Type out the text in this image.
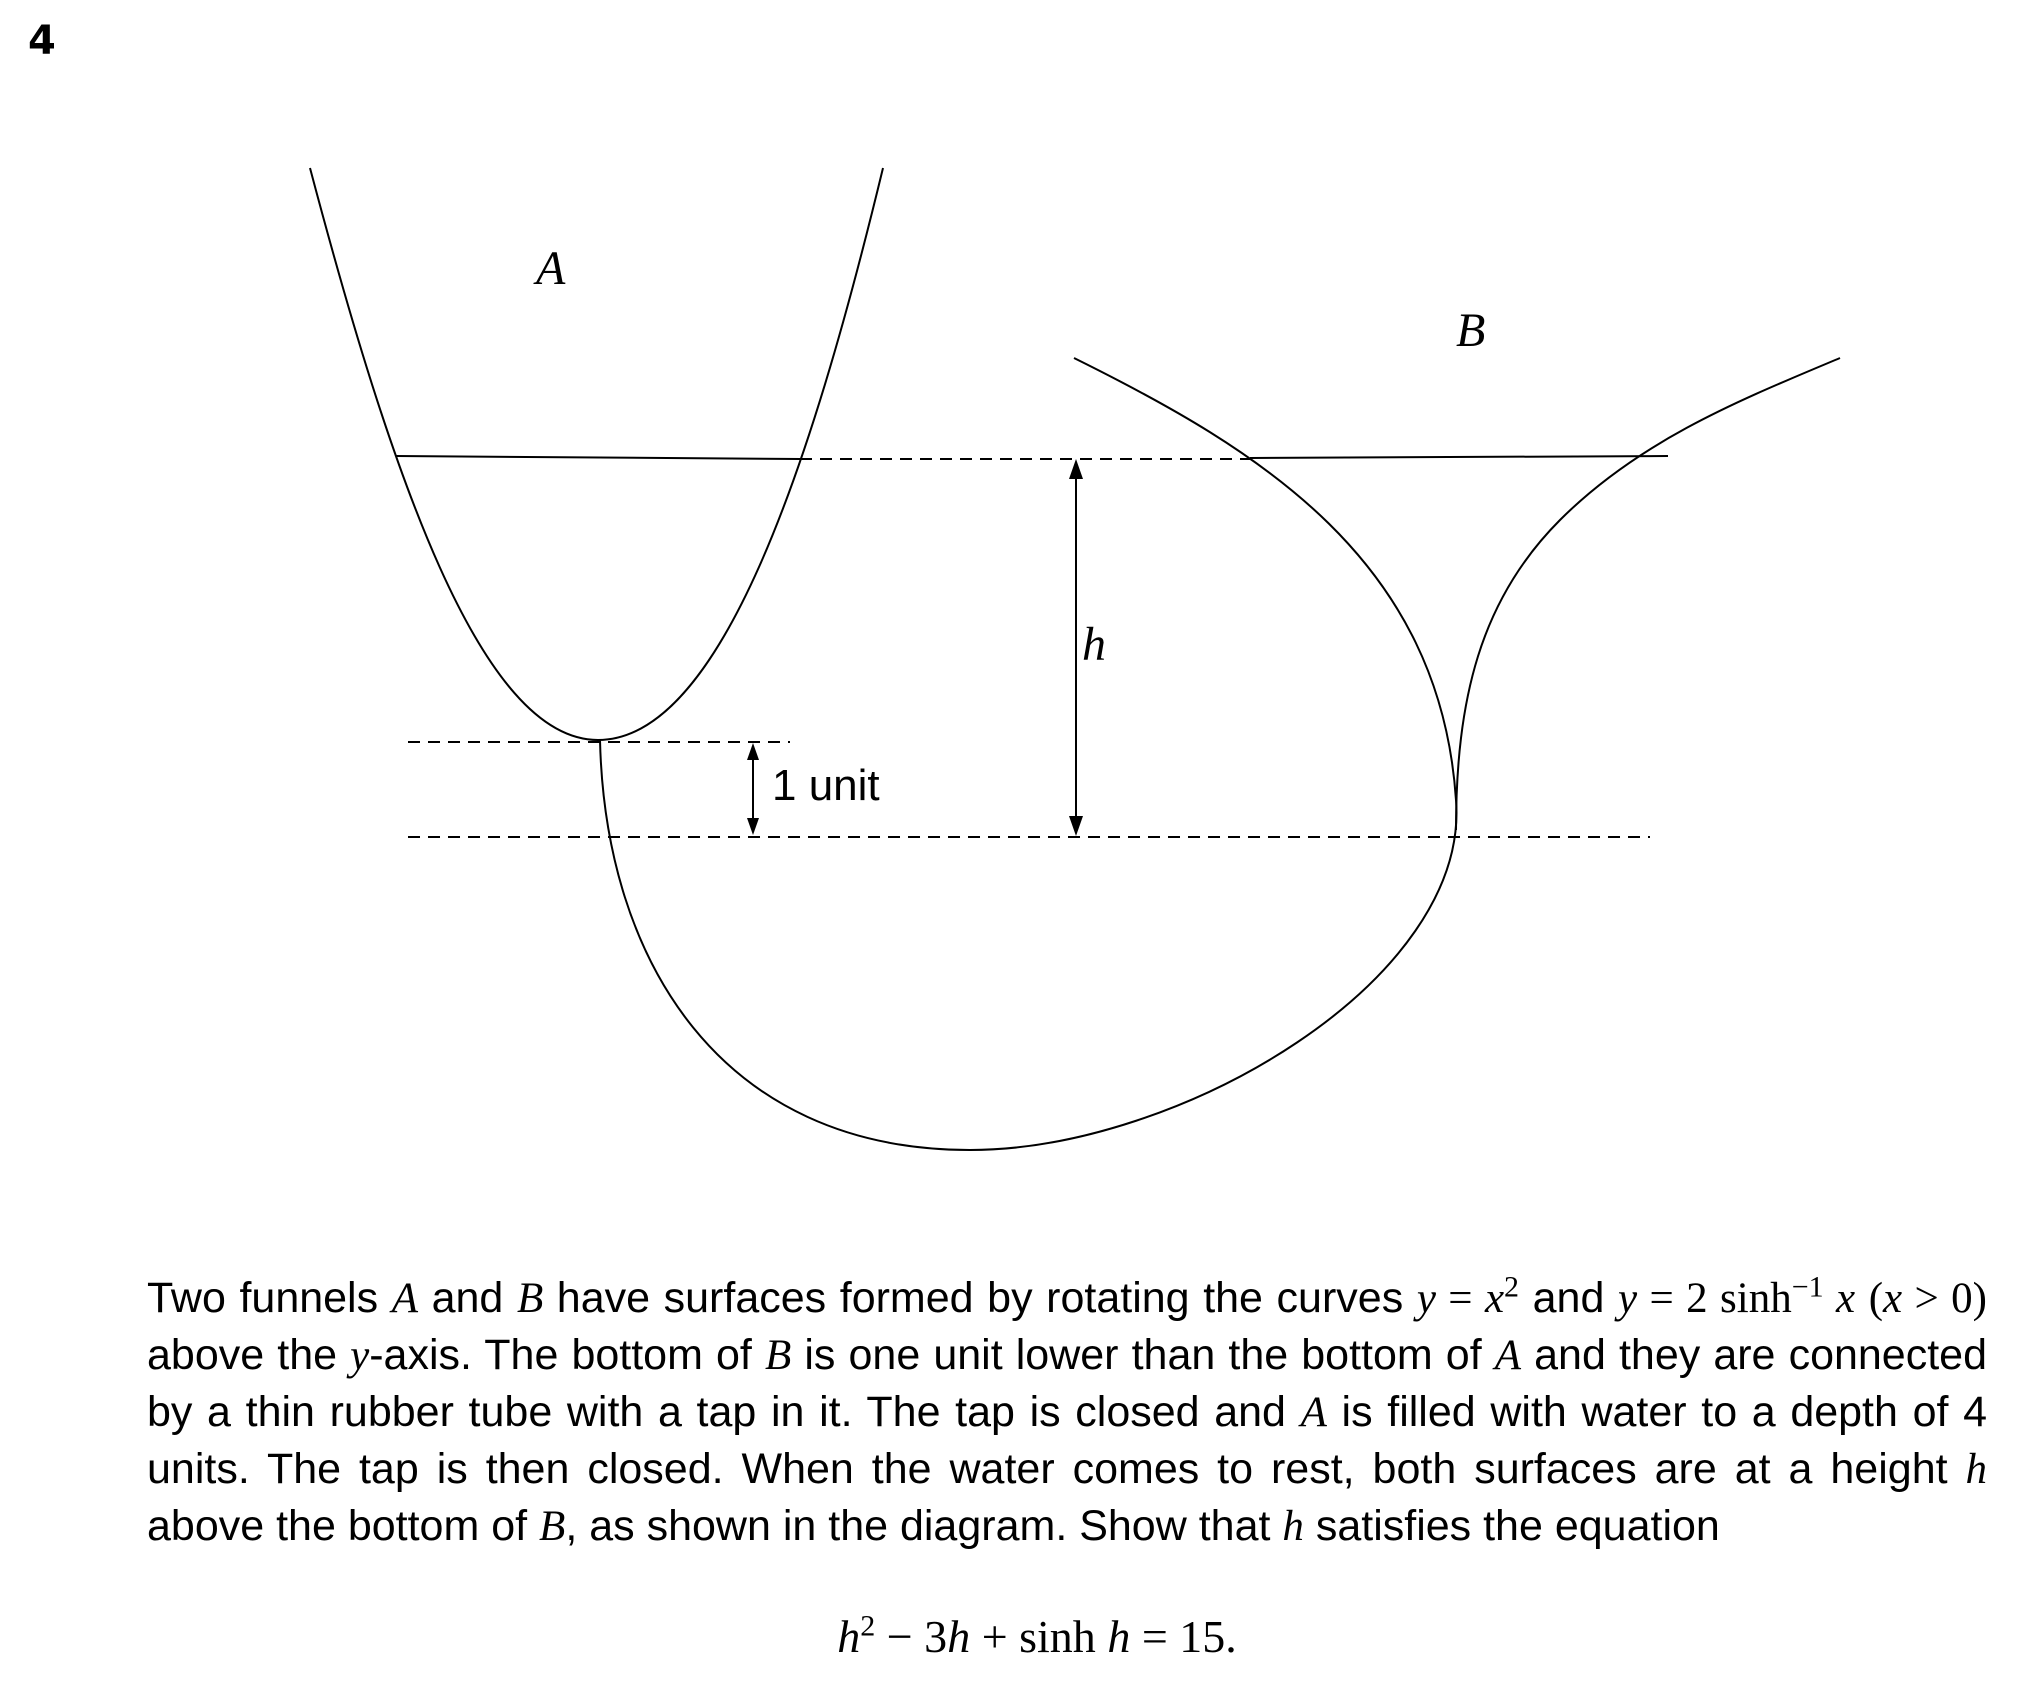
4
A
B
h
1 unit
Two funnels A and B have surfaces formed by rotating the curves $y = x^2$ and y = 2 $\sinh^{-1} x$ (x > 0) above the y-axis. The bottom of B is one unit lower than the bottom of A and they are connected by a thin rubber tube with a tap in it. The tap is closed and A is filled with water to a depth of 4 units. The tap is then closed. When the water comes to rest, both surfaces are at a height h above the bottom of B, as shown in the diagram. Show that h satisfies the equation
$h^2 - 3h + \sinh h = 15$.
